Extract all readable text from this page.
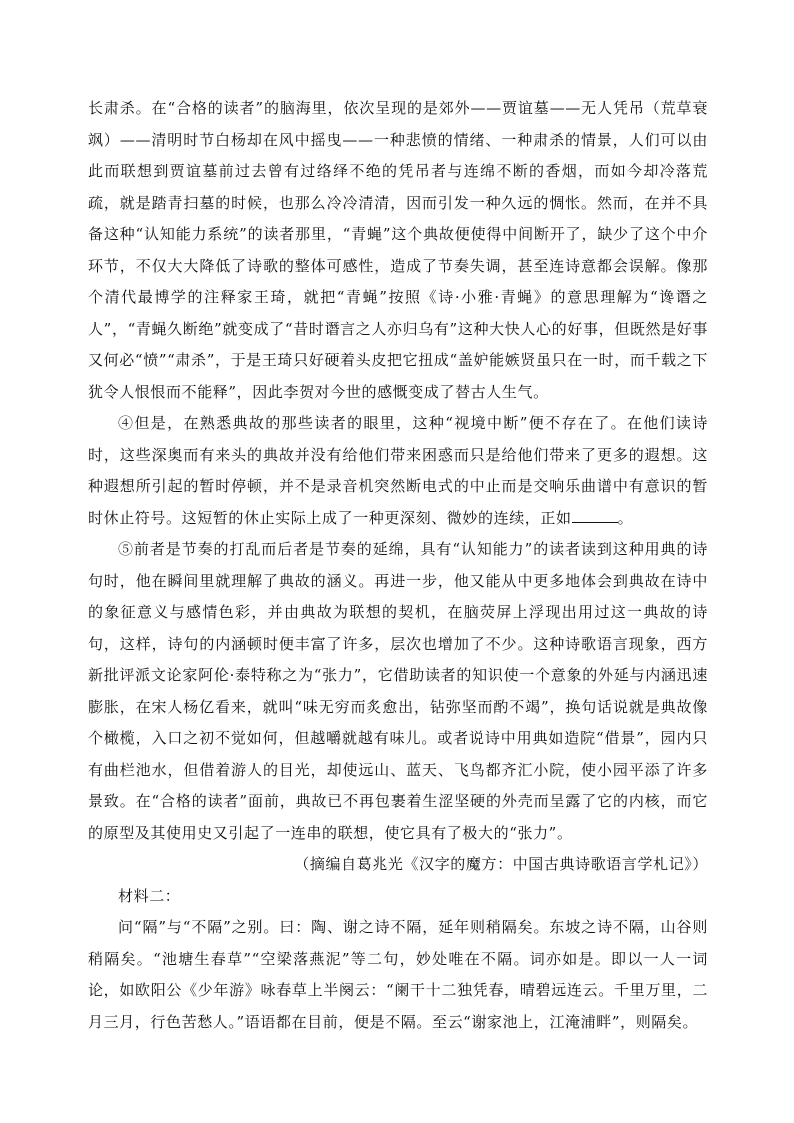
长肃杀。在“合格的读者”的脑海里，依次呈现的是郊外——贾谊墓——无人凭吊（荒草衰飒）——清明时节白杨却在风中摇曳——一种悲愤的情绪、一种肃杀的情景，人们可以由此而联想到贾谊墓前过去曾有过络绎不绝的凭吊者与连绵不断的香烟，而如今却冷落荒疏，就是踏青扫墓的时候，也那么冷冷清清，因而引发一种久远的惆怅。然而，在并不具备这种“认知能力系统”的读者那里，“青蝇”这个典故便使得中间断开了，缺少了这个中介环节，不仅大大降低了诗歌的整体可感性，造成了节奏失调，甚至连诗意都会误解。像那个清代最博学的注释家王琦，就把“青蝇”按照《诗·小雅·青蝇》的意思理解为“谗谮之人”，“青蝇久断绝”就变成了“昔时谮言之人亦归乌有”这种大快人心的好事，但既然是好事又何必“愤”“肃杀”，于是王琦只好硬着头皮把它扭成“盖妒能嫉贤虽只在一时，而千载之下犹令人恨恨而不能释”，因此李贺对今世的感慨变成了替古人生气。

④但是，在熟悉典故的那些读者的眼里，这种“视境中断”便不存在了。在他们读诗时，这些深奥而有来头的典故并没有给他们带来困惑而只是给他们带来了更多的遐想。这种遐想所引起的暂时停顿，并不是录音机突然断电式的中止而是交响乐曲谱中有意识的暂时休止符号。这短暂的休止实际上成了一种更深刻、微妙的连续，正如	。

⑤前者是节奏的打乱而后者是节奏的延绵，具有“认知能力”的读者读到这种用典的诗句时，他在瞬间里就理解了典故的涵义。再进一步，他又能从中更多地体会到典故在诗中的象征意义与感情色彩，并由典故为联想的契机，在脑荧屏上浮现出用过这一典故的诗句，这样，诗句的内涵顿时便丰富了许多，层次也增加了不少。这种诗歌语言现象，西方新批评派文论家阿伦·泰特称之为“张力”，它借助读者的知识使一个意象的外延与内涵迅速膨胀，在宋人杨亿看来，就叫“味无穷而炙愈出，钻弥坚而酌不竭”，换句话说就是典故像个橄榄，入口之初不觉如何，但越嚼就越有味儿。或者说诗中用典如造院“借景”，园内只有曲栏池水，但借着游人的目光，却使远山、蓝天、飞鸟都齐汇小院，使小园平添了许多景致。在“合格的读者”面前，典故已不再包裹着生涩坚硬的外壳而呈露了它的内核，而它的原型及其使用史又引起了一连串的联想，使它具有了极大的“张力”。

（摘编自葛兆光《汉字的魔方：中国古典诗歌语言学札记》）

材料二：

问“隔”与“不隔”之别。曰：陶、谢之诗不隔，延年则稍隔矣。东坡之诗不隔，山谷则稍隔矣。“池塘生春草”“空梁落燕泥”等二句，妙处唯在不隔。词亦如是。即以一人一词论，如欧阳公《少年游》咏春草上半阕云：“阑干十二独凭春，晴碧远连云。千里万里，二月三月，行色苦愁人。”语语都在目前，便是不隔。至云“谢家池上，江淹浦畔”，则隔矣。
